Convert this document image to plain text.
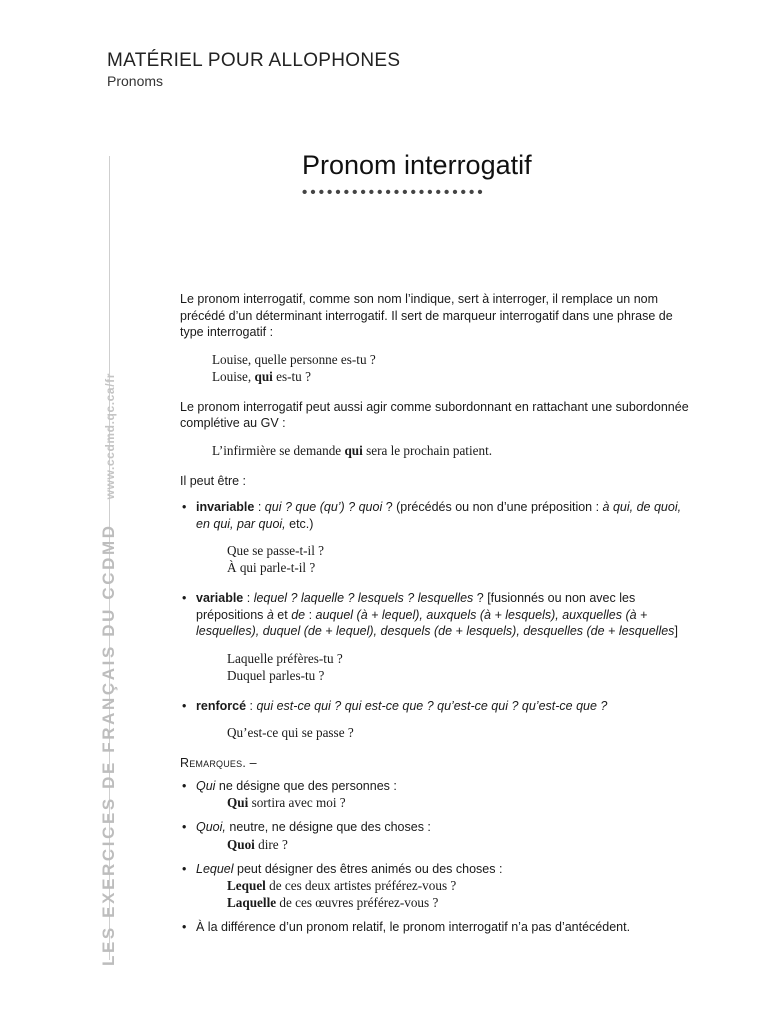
MATÉRIEL POUR ALLOPHONES
Pronoms
LES EXERCICES DE FRANÇAIS DU CCDMDwww.ccdmd.qc.ca/fr
Pronom interrogatif
••••••••••••••••••••••

Le pronom interrogatif, comme son nom l’indique, sert à interroger, il remplace un nom précédé d’un déterminant interrogatif. Il sert de marqueur interrogatif dans une phrase de type interrogatif :

Louise, quelle personne es-tu ?
Louise, qui es-tu ?

Le pronom interrogatif peut aussi agir comme subordonnant en rattachant une subordonnée complétive au GV :

L’infirmière se demande qui sera le prochain patient.

Il peut être :

• invariable : qui ? que (qu’) ? quoi ? (précédés ou non d’une préposition : à qui, de quoi, en qui, par quoi, etc.)
Que se passe-t-il ?
À qui parle-t-il ?
• variable : lequel ? laquelle ? lesquels ? lesquelles ? [fusionnés ou non avec les prépositions à et de : auquel (à + lequel), auxquels (à + lesquels), auxquelles (à + lesquelles), duquel (de + lequel), desquels (de + lesquels), desquelles (de + lesquelles]
Laquelle préfères-tu ?
Duquel parles-tu ?
• renforcé : qui est-ce qui ? qui est-ce que ? qu’est-ce qui ? qu’est-ce que ?
Qu’est-ce qui se passe ?
Remarques. –
• Qui ne désigne que des personnes :
Qui sortira avec moi ?
• Quoi, neutre, ne désigne que des choses :
Quoi dire ?
• Lequel peut désigner des êtres animés ou des choses :
Lequel de ces deux artistes préférez-vous ?
Laquelle de ces œuvres préférez-vous ?
• À la différence d’un pronom relatif, le pronom interrogatif n’a pas d’antécédent.
